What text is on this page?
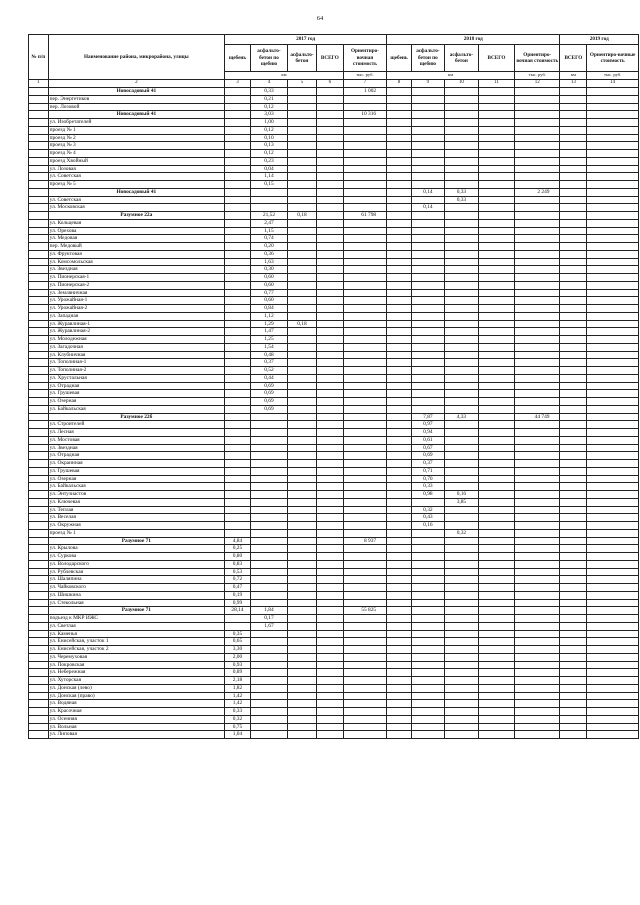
64
№ п/п	Наименование района, микрорайона, улицы	2017 год					2018 год					2019 год	
		щебень	асфальто-бетон по щебню	асфальто-бетон	ВСЕГО	Ориентиро-вочная стоимость	щебень	асфальто-бетон по щебню	асфальто-бетон	ВСЕГО	Ориентиро-вочная стоимость	ВСЕГО	Ориентиро-вочные стоимость
		км				тыс. руб.	км				тыс. руб.	км	тыс. руб.
1	2	3	4	5	6	7	8	9	10	11	12	13	14
	Новосадовый 41		0,33			1 002							
	пер. Энергетиков		0,21										
	пер. Лозовой		0,12										
	Новосадовый 41		3,03			10 316							
	ул. Изобретателей		1,00										
	проезд № 1		0,12										
	проезд № 2		0,10										
	проезд № 3		0,13										
	проезд № 4		0,12										
	проезд Хвойный		0,23										
	ул. Лозовая		0,04										
	ул. Советская		1,14										
	проезд № 5		0,15										
	Новосадовый 41							0,14	0,33		2 249		
	ул. Советская								0,33				
	ул. Московская							0,14					
	Разумное 22а		21,52	0,18		61 798							
	ул. Кольцевая		2,47										
	ул. Орехова		1,15										
	ул. Медовая		0,74										
	пер. Медовый		0,20										
	ул. Фруктовая		0,36										
	ул. Комсомольская		1,63										
	ул. Звездная		0,30										
	ул. Пионерская-1		0,60										
	ул. Пионерская-2		0,60										
	ул. Земляничная		0,77										
	ул. Урожайная-1		0,60										
	ул. Урожайная-2		0,84										
	ул. Западная		1,12										
	ул. Журавлиная-1		1,29	0,18									
	ул. Журавлиная-2		1,47										
	ул. Молодежная		1,25										
	ул. Загадочная		1,54										
	ул. Клубничная		0,48										
	ул. Тополиная-1		0,37										
	ул. Тополиная-2		0,52										
	ул. Хрустальная		0,44										
	ул. Отрадная		0,69										
	ул. Грушевая		0,69										
	ул. Озерная		0,69										
	ул. Байкальская		0,69										
	Разумное 22б							7,87	4,33		44 749		
	ул. Строителей							0,97					
	ул. Лесная							0,94					
	ул. Мостовая							0,61					
	ул. Звездная							0,67					
	ул. Отрадная							0,69					
	ул. Окраинная							0,37					
	ул. Грушевая							0,71					
	ул. Озерная							0,70					
	ул. Байкальская							0,33					
	ул. Энтузиастов							0,98	0,16				
	ул. Ключевая								3,85				
	ул. Теплая							0,32					
	ул. Веселая							0,43					
	ул. Окружная							0,16					
	проезд № 1								0,32				
	Разумное 71	4,84				8 937							
	ул. Крылова	0,25											
	ул. Суркова	0,80											
	ул. Володарского	0,83											
	ул. Рублевская	0,53											
	ул. Шаляпина	0,72											
	ул. Чайковского	0,47											
	ул. Шишкина	0,19											
	ул. Стекольная	0,99											
	Разумное 71	28,14	1,84			55 825							
	подъезд к МКР ИЖС		0,17										
	ул. Светлая		1,67										
	ул. Каменья	0,35											
	ул. Енисейская, участок 1	0,65											
	ул. Енисейская, участок 2	3,30											
	ул. Черемуховая	2,00											
	ул. Покровская	0,93											
	ул. Небережная	0,89											
	ул. Хуторская	2,18											
	ул. Донская (лево)	1,82											
	ул. Донская (право)	1,42											
	ул. Водяная	1,42											
	ул. Красочная	0,33											
	ул. Осенняя	0,32											
	ул. Вольная	0,75											
	ул. Липовая	1,04											
